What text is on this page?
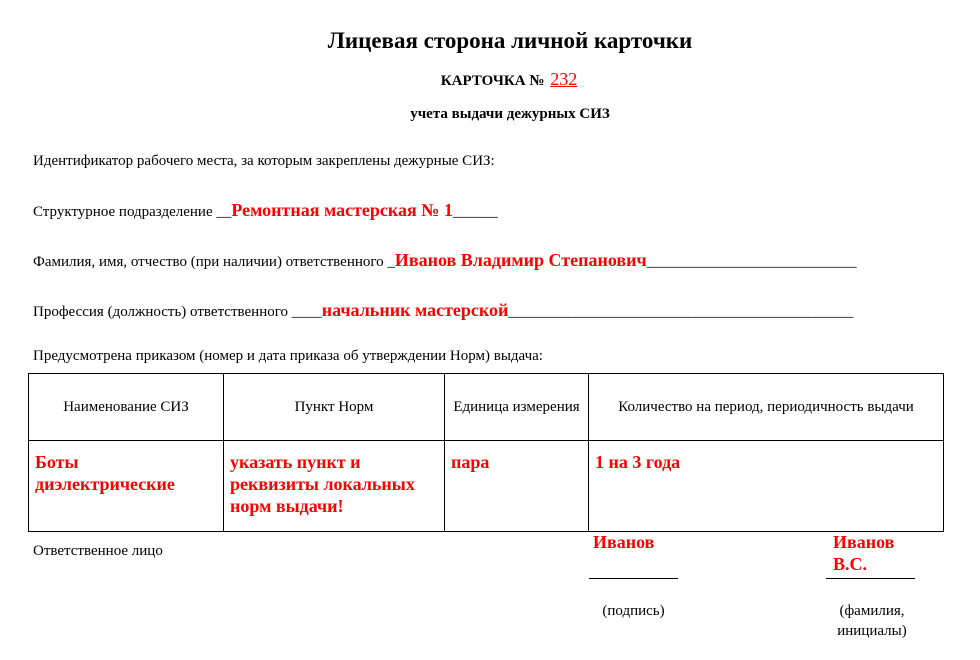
Лицевая сторона личной карточки
КАРТОЧКА № 232
учета выдачи дежурных СИЗ
Идентификатор рабочего места, за которым закреплены дежурные СИЗ:
Структурное подразделение __Ремонтная мастерская № 1______
Фамилия, имя, отчество (при наличии) ответственного _Иванов Владимир Степанович____________________________
Профессия (должность) ответственного ____начальник мастерской______________________________________________
Предусмотрена приказом (номер и дата приказа об утверждении Норм) выдача:
Наименование СИЗ	Пункт Норм	Единица измерения	Количество на период, периодичность выдачи
Боты диэлектрические	указать пункт и реквизиты локальных норм выдачи!	пара	1 на 3 года
Ответственное лицо	Иванов
(подпись)
Иванов В.С.
(фамилия, инициалы)
